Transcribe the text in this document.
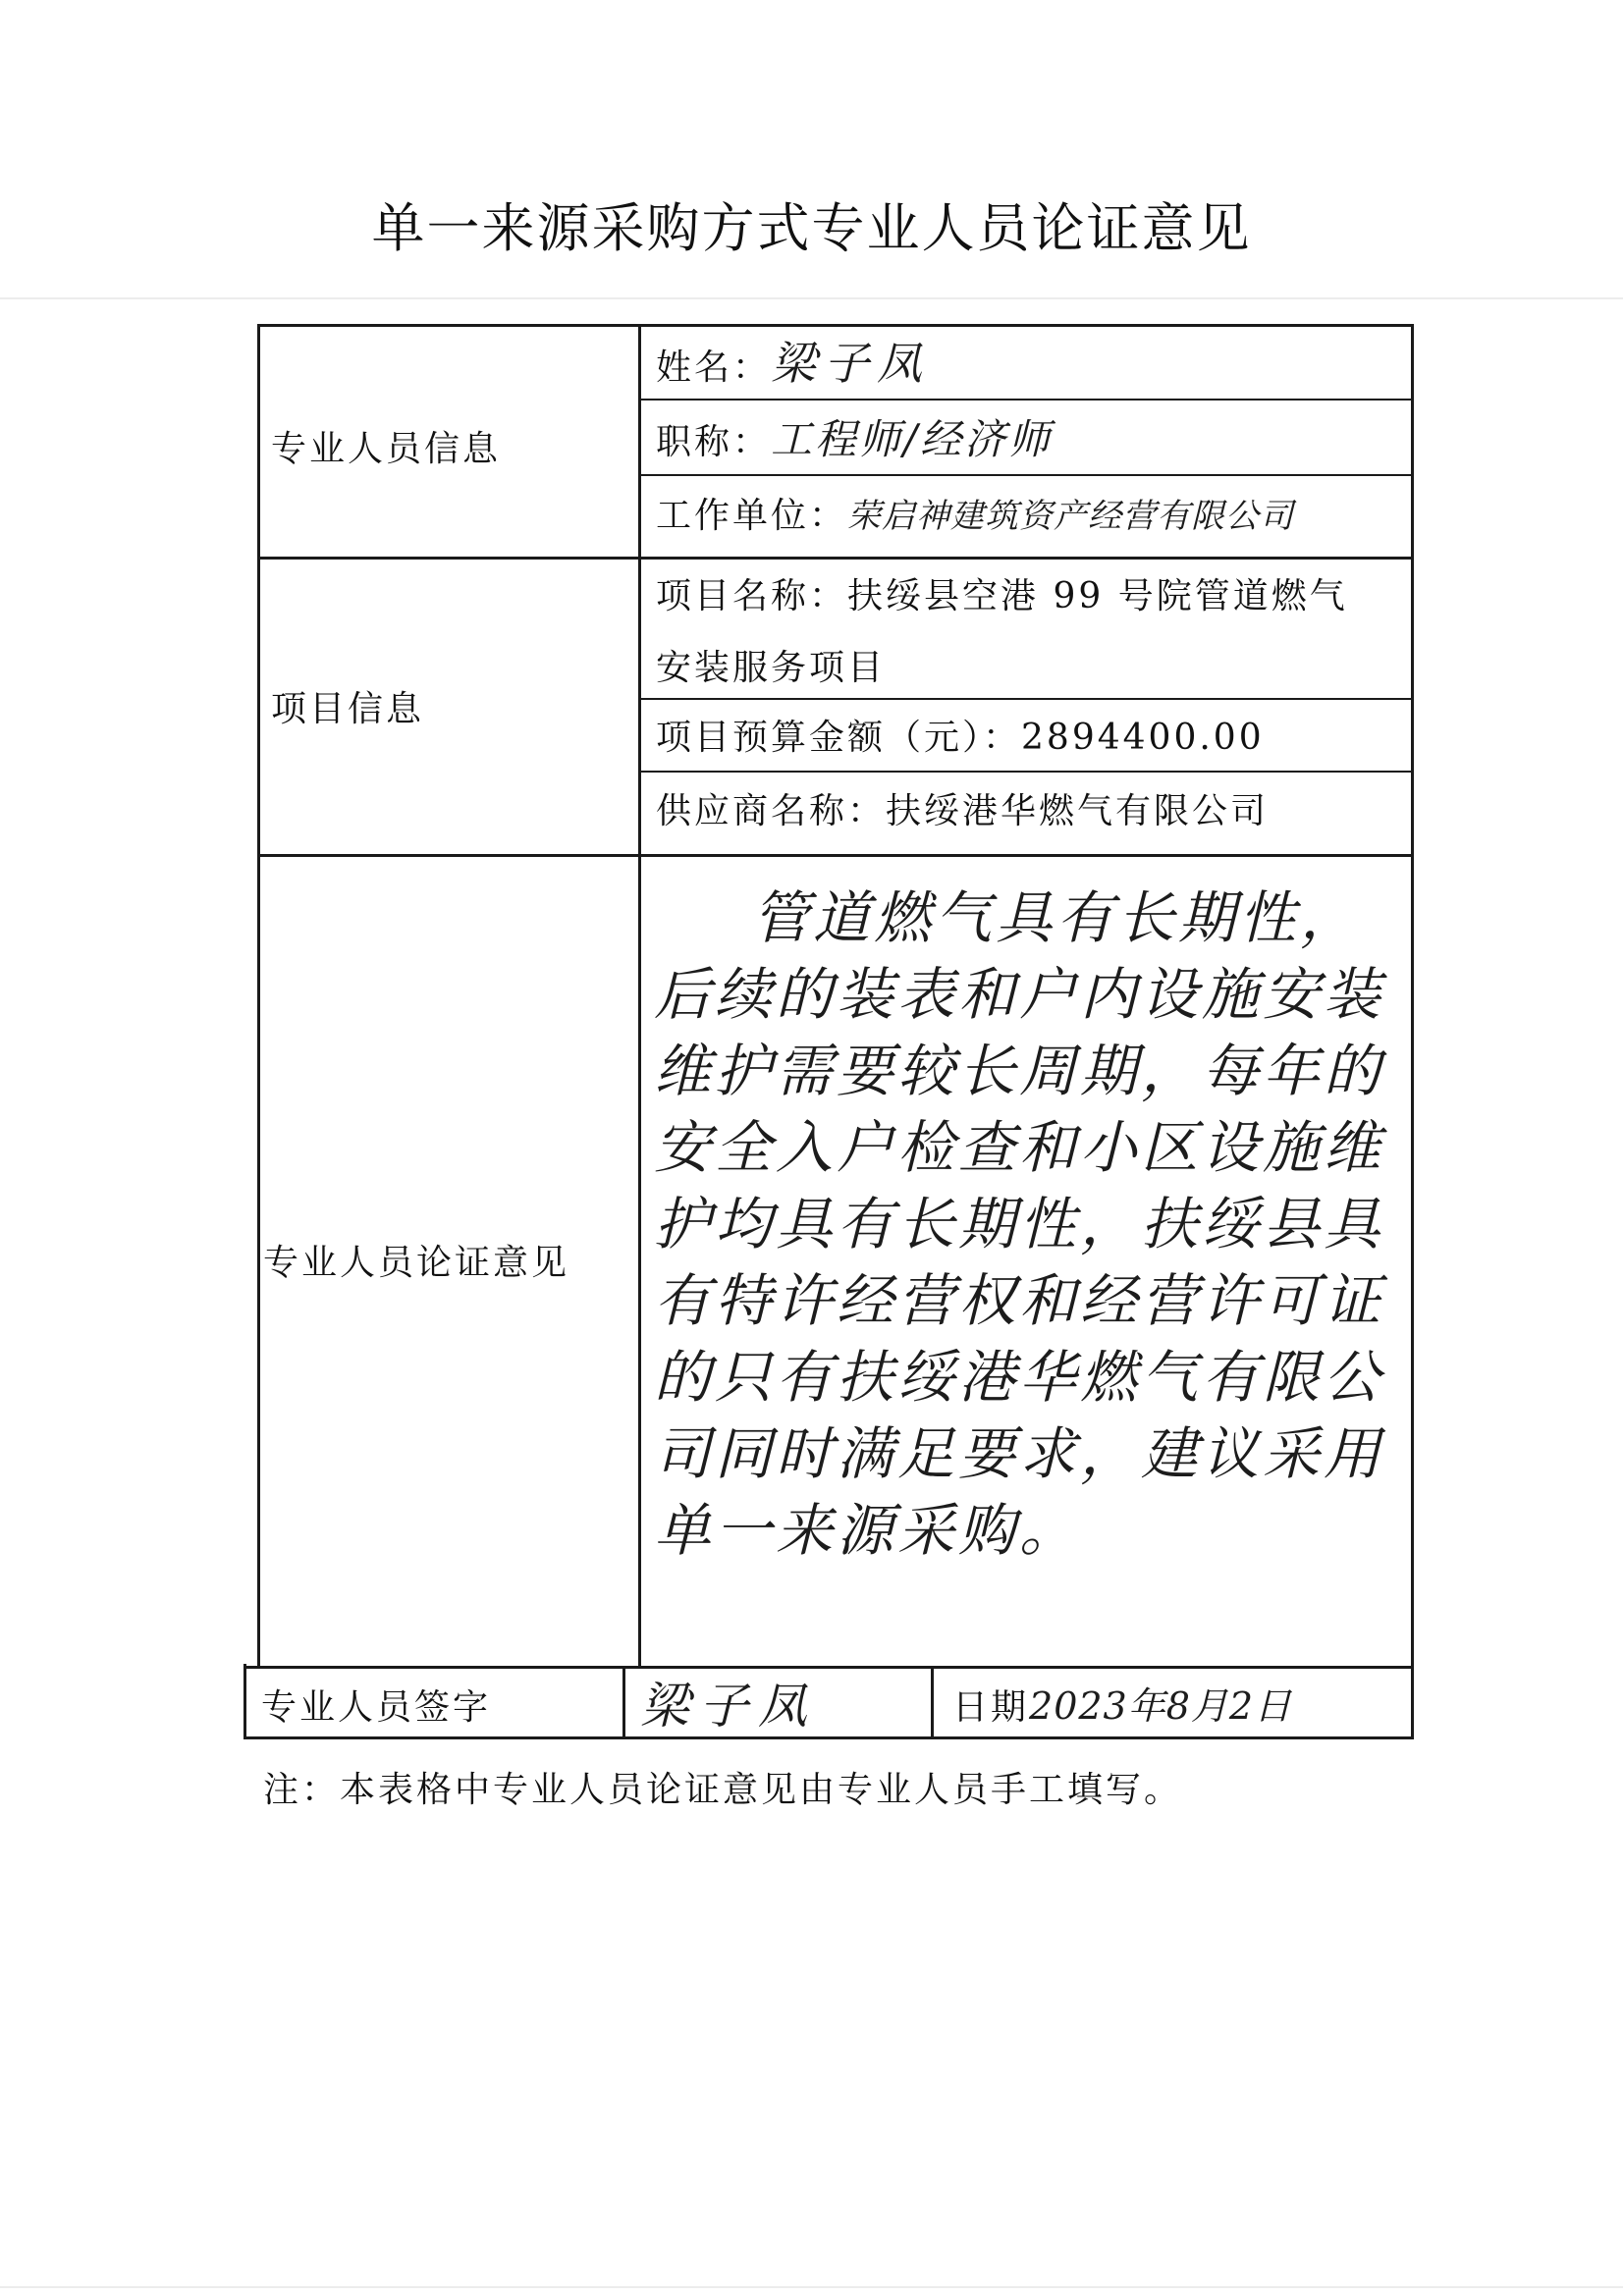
单一来源采购方式专业人员论证意见
专业人员信息
项目信息
专业人员论证意见
专业人员签字
姓名：梁子凤
职称：工程师/经济师
工作单位：荣启神建筑资产经营有限公司
项目名称：扶绥县空港 99 号院管道燃气
安装服务项目
项目预算金额（元）：2894400.00
供应商名称：扶绥港华燃气有限公司
管道燃气具有长期性，后续的装表和户内设施安装维护需要较长周期，每年的安全入户检查和小区设施维护均具有长期性，扶绥县具有特许经营权和经营许可证的只有扶绥港华燃气有限公司同时满足要求，建议采用单一来源采购。
梁子凤	日期2023年8月2日
注：本表格中专业人员论证意见由专业人员手工填写。
